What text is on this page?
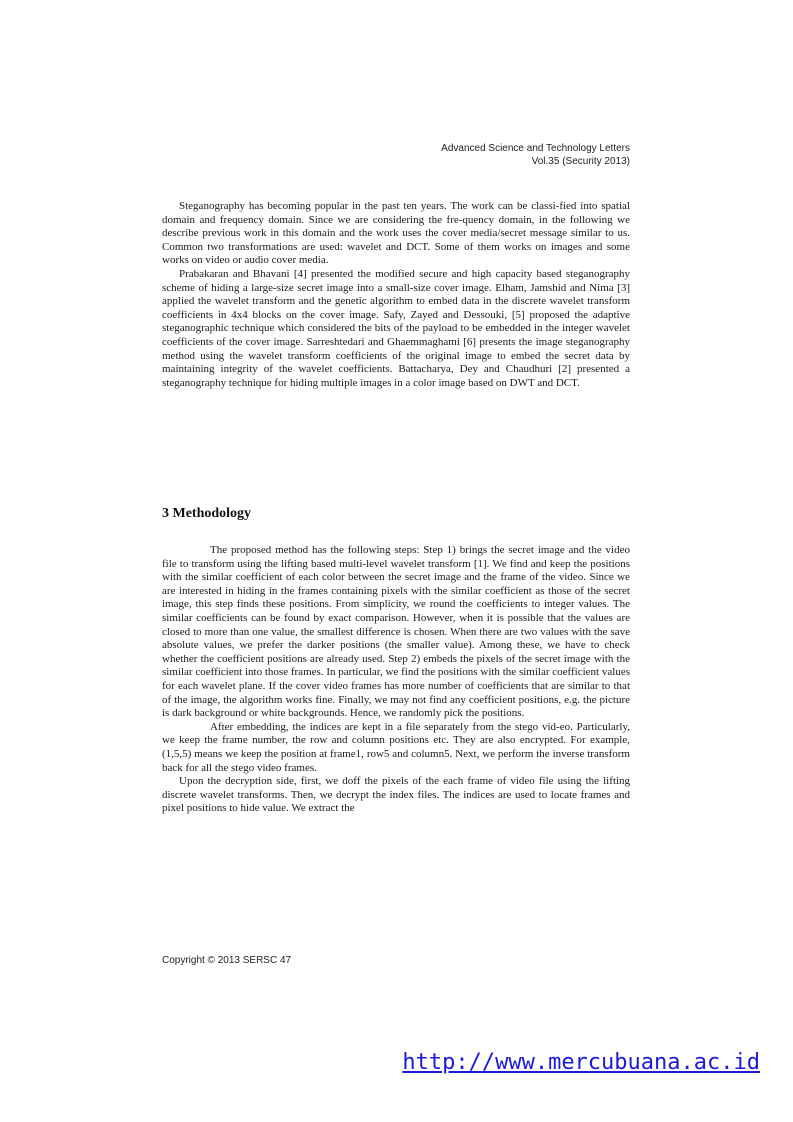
Advanced Science and Technology Letters
Vol.35 (Security 2013)

Steganography has becoming popular in the past ten years. The work can be classi-fied into spatial domain and frequency domain. Since we are considering the fre-quency domain, in the following we describe previous work in this domain and the work uses the cover media/secret message similar to us. Common two transformations are used: wavelet and DCT. Some of them works on images and some works on video or audio cover media.

Prabakaran and Bhavani [4] presented the modified secure and high capacity based steganography scheme of hiding a large-size secret image into a small-size cover image. Elham, Jamshid and Nima [3] applied the wavelet transform and the genetic algorithm to embed data in the discrete wavelet transform coefficients in 4x4 blocks on the cover image. Safy, Zayed and Dessouki, [5] proposed the adaptive steganographic technique which considered the bits of the payload to be embedded in the integer wavelet coefficients of the cover image. Sarreshtedari and Ghaemmaghami [6] presents the image steganography method using the wavelet transform coefficients of the original image to embed the secret data by maintaining integrity of the wavelet coefficients. Battacharya, Dey and Chaudhuri [2] presented a steganography technique for hiding multiple images in a color image based on DWT and DCT.

3 Methodology

The proposed method has the following steps: Step 1) brings the secret image and the video file to transform using the lifting based multi-level wavelet transform [1]. We find and keep the positions with the similar coefficient of each color between the secret image and the frame of the video. Since we are interested in hiding in the frames containing pixels with the similar coefficient as those of the secret image, this step finds these positions. From simplicity, we round the coefficients to integer values. The similar coefficients can be found by exact comparison. However, when it is possible that the values are closed to more than one value, the smallest difference is chosen. When there are two values with the save absolute values, we prefer the darker positions (the smaller value). Among these, we have to check whether the coefficient positions are already used. Step 2) embeds the pixels of the secret image with the similar coefficient into those frames. In particular, we find the positions with the similar coefficient values for each wavelet plane. If the cover video frames has more number of coefficients that are similar to that of the image, the algorithm works fine. Finally, we may not find any coefficient positions, e.g. the picture is dark background or white backgrounds. Hence, we randomly pick the positions.

After embedding, the indices are kept in a file separately from the stego vid-eo. Particularly, we keep the frame number, the row and column positions etc. They are also encrypted. For example, (1,5,5) means we keep the position at frame1, row5 and column5. Next, we perform the inverse transform back for all the stego video frames.

Upon the decryption side, first, we doff the pixels of the each frame of video file using the lifting discrete wavelet transforms. Then, we decrypt the index files. The indices are used to locate frames and pixel positions to hide value. We extract the

Copyright © 2013 SERSC 47
http://www.mercubuana.ac.id
